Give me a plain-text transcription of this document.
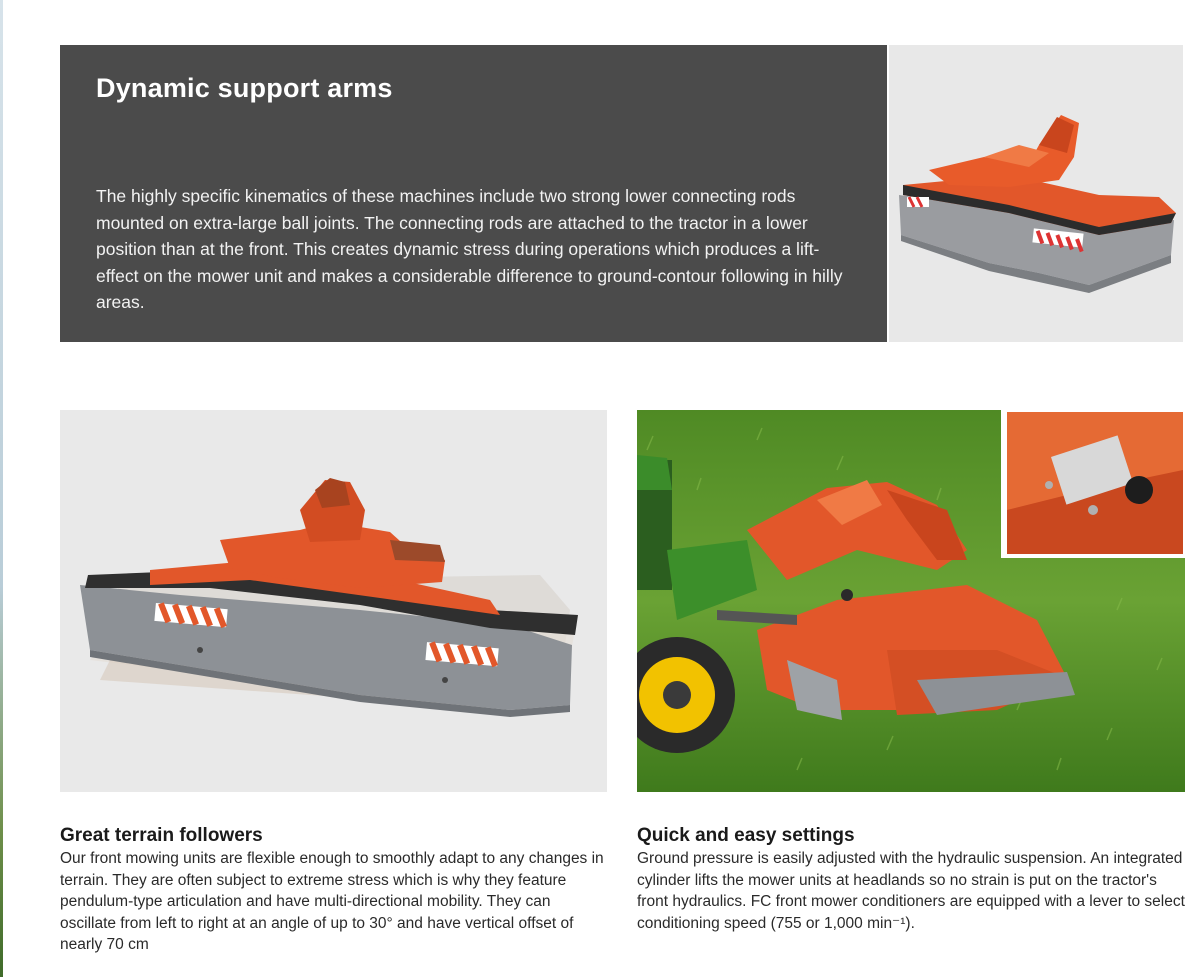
Dynamic support arms

The highly specific kinematics of these machines include two strong lower connecting rods mounted on extra-large ball joints. The connecting rods are attached to the tractor in a lower position than at the front. This creates dynamic stress during operations which produces a lift-effect on the mower unit and makes a considerable difference to ground-contour following in hilly areas.

Great terrain followers

Our front mowing units are flexible enough to smoothly adapt to any changes in terrain. They are often subject to extreme stress which is why they feature pendulum-type articulation and have multi-directional mobility. They can oscillate from left to right at an angle of up to 30° and have vertical offset of nearly 70 cm

Quick and easy settings

Ground pressure is easily adjusted with the hydraulic suspension. An integrated cylinder lifts the mower units at headlands so no strain is put on the tractor's front hydraulics. FC front mower conditioners are equipped with a lever to select conditioning speed (755 or 1,000 min⁻¹).
